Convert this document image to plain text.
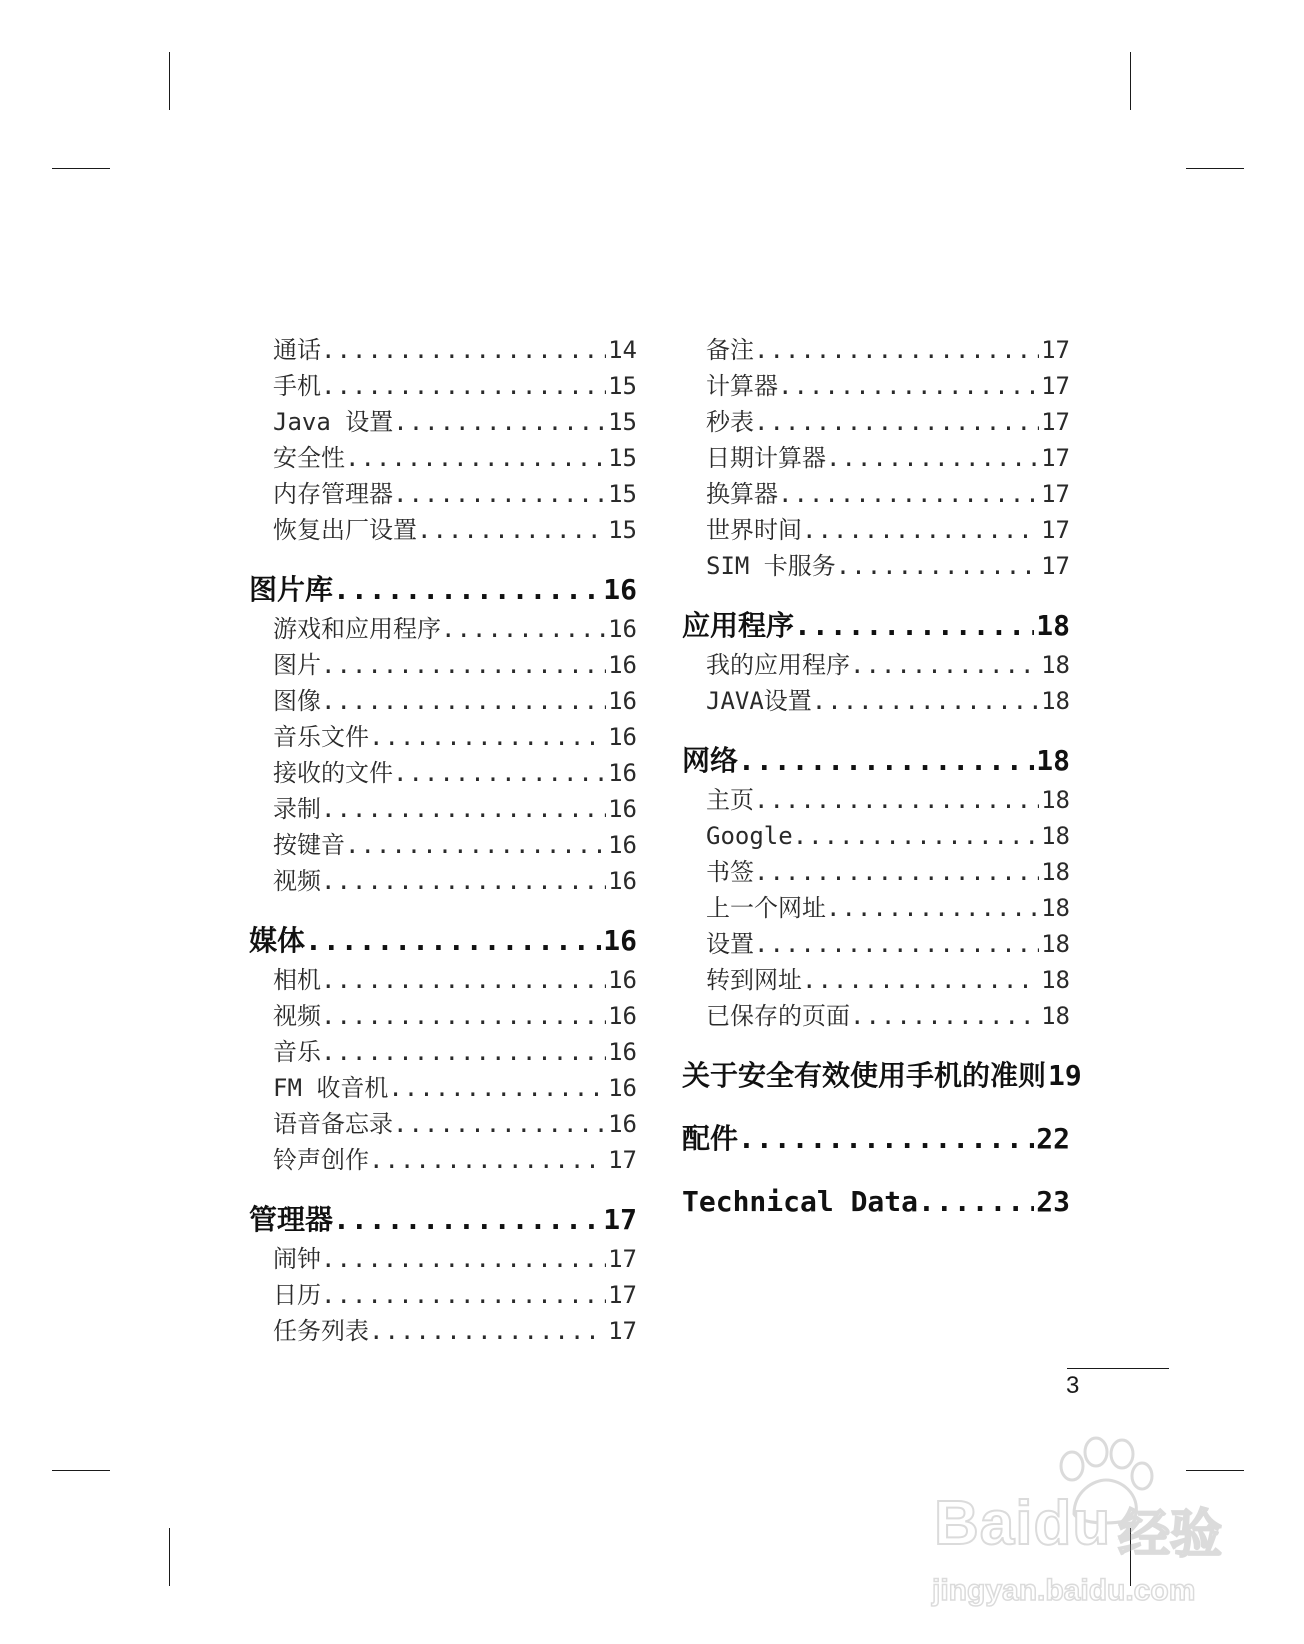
通话 .....	14
手机 .....	15
Java 设置 .....	15
安全性 .....	15
内存管理器 .....	15
恢复出厂设置 .....	15
图片库 .....	16
游戏和应用程序 .....	16
图片 .....	16
图像 .....	16
音乐文件 .....	16
接收的文件 .....	16
录制 .....	16
按键音 .....	16
视频 .....	16
媒体 .....	16
相机 .....	16
视频 .....	16
音乐 .....	16
FM 收音机 .....	16
语音备忘录 .....	16
铃声创作 .....	17
管理器 .....	17
闹钟 .....	17
日历 .....	17
任务列表 .....	17
备注 .....	17
计算器 .....	17
秒表 .....	17
日期计算器 .....	17
换算器 .....	17
世界时间 .....	17
SIM 卡服务 .....	17
应用程序 .....	18
我的应用程序 .....	18
JAVA设置 .....	18
网络 .....	18
主页 .....	18
Google .....	18
书签 .....	18
上一个网址 .....	18
设置 .....	18
转到网址 .....	18
已保存的页面 .....	18
关于安全有效使用手机的准则 19
配件 .....	22
Technical Data .....	23
3
Baidu 经验
jingyan.baidu.com
